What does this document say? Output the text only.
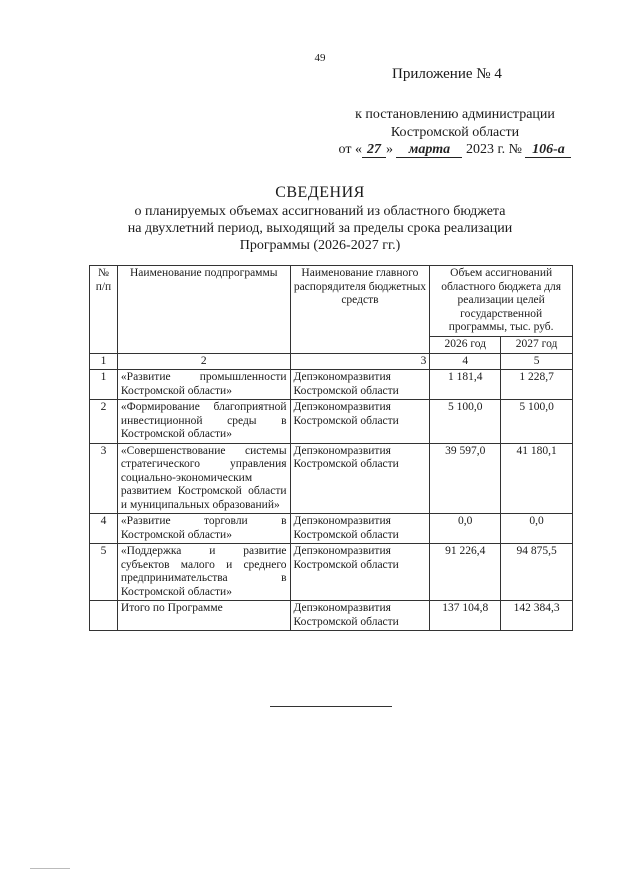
49
Приложение № 4
к постановлению администрации
Костромской области
от « 27 » марта 2023 г. № 106-а
СВЕДЕНИЯ
о планируемых объемах ассигнований из областного бюджета
на двухлетний период, выходящий за пределы срока реализации
Программы (2026-2027 гг.)
№ п/п	Наименование подпрограммы	Наименование главного распорядителя бюджетных средств	Объем ассигнований областного бюджета для реализации целей государственной программы, тыс. руб.	
			2026 год	2027 год
1	2	3	4	5
1	«Развитие промышленности Костромской области»	Депэкономразвития Костромской области	1 181,4	1 228,7
2	«Формирование благоприятной инвестиционной среды в Костромской области»	Депэкономразвития Костромской области	5 100,0	5 100,0
3	«Совершенствование системы стратегического управления социально-экономическим развитием Костромской области и муниципальных образований»	Депэкономразвития Костромской области	39 597,0	41 180,1
4	«Развитие торговли в Костромской области»	Депэкономразвития Костромской области	0,0	0,0
5	«Поддержка и развитие субъектов малого и среднего предпринимательства в Костромской области»	Депэкономразвития Костромской области	91 226,4	94 875,5
	Итого по Программе	Депэкономразвития Костромской области	137 104,8	142 384,3
